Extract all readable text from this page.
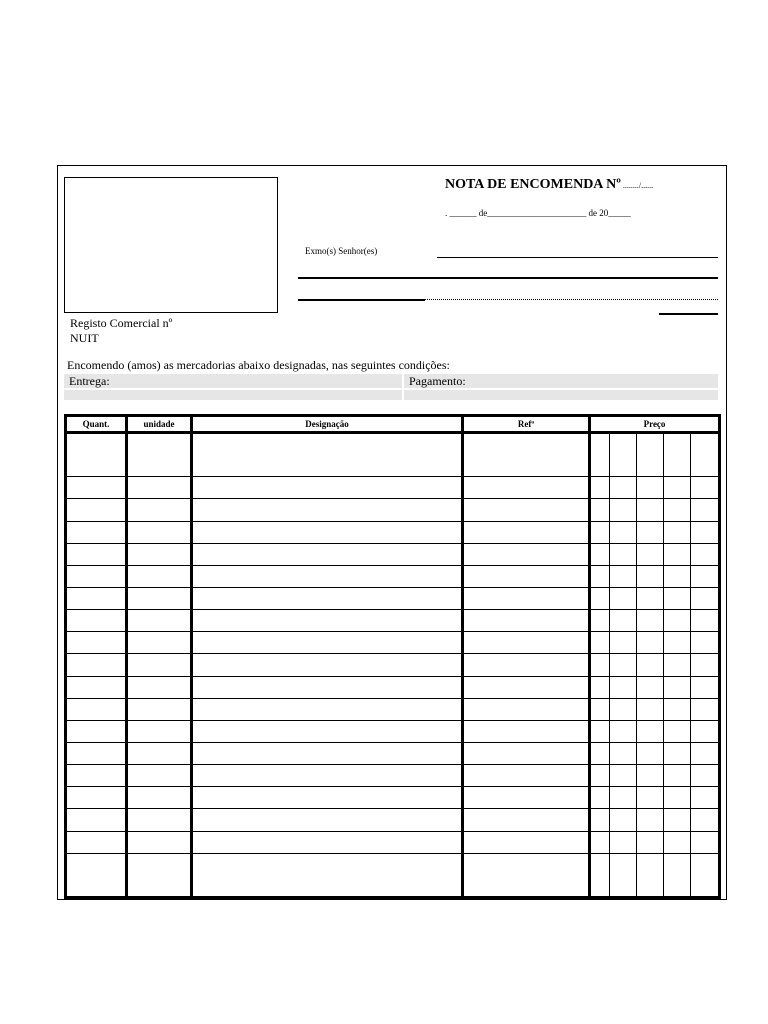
NOTA DE ENCOMENDA Nº ......../......
. ______ de______________________ de 20_____
Exmo(s) Senhor(es)
Registo Comercial nº
NUIT
Encomendo (amos) as mercadorias abaixo designadas, nas seguintes condições:
Entrega:	Pagamento:
Quant.	unidade	Designação	Refª	Preço				
